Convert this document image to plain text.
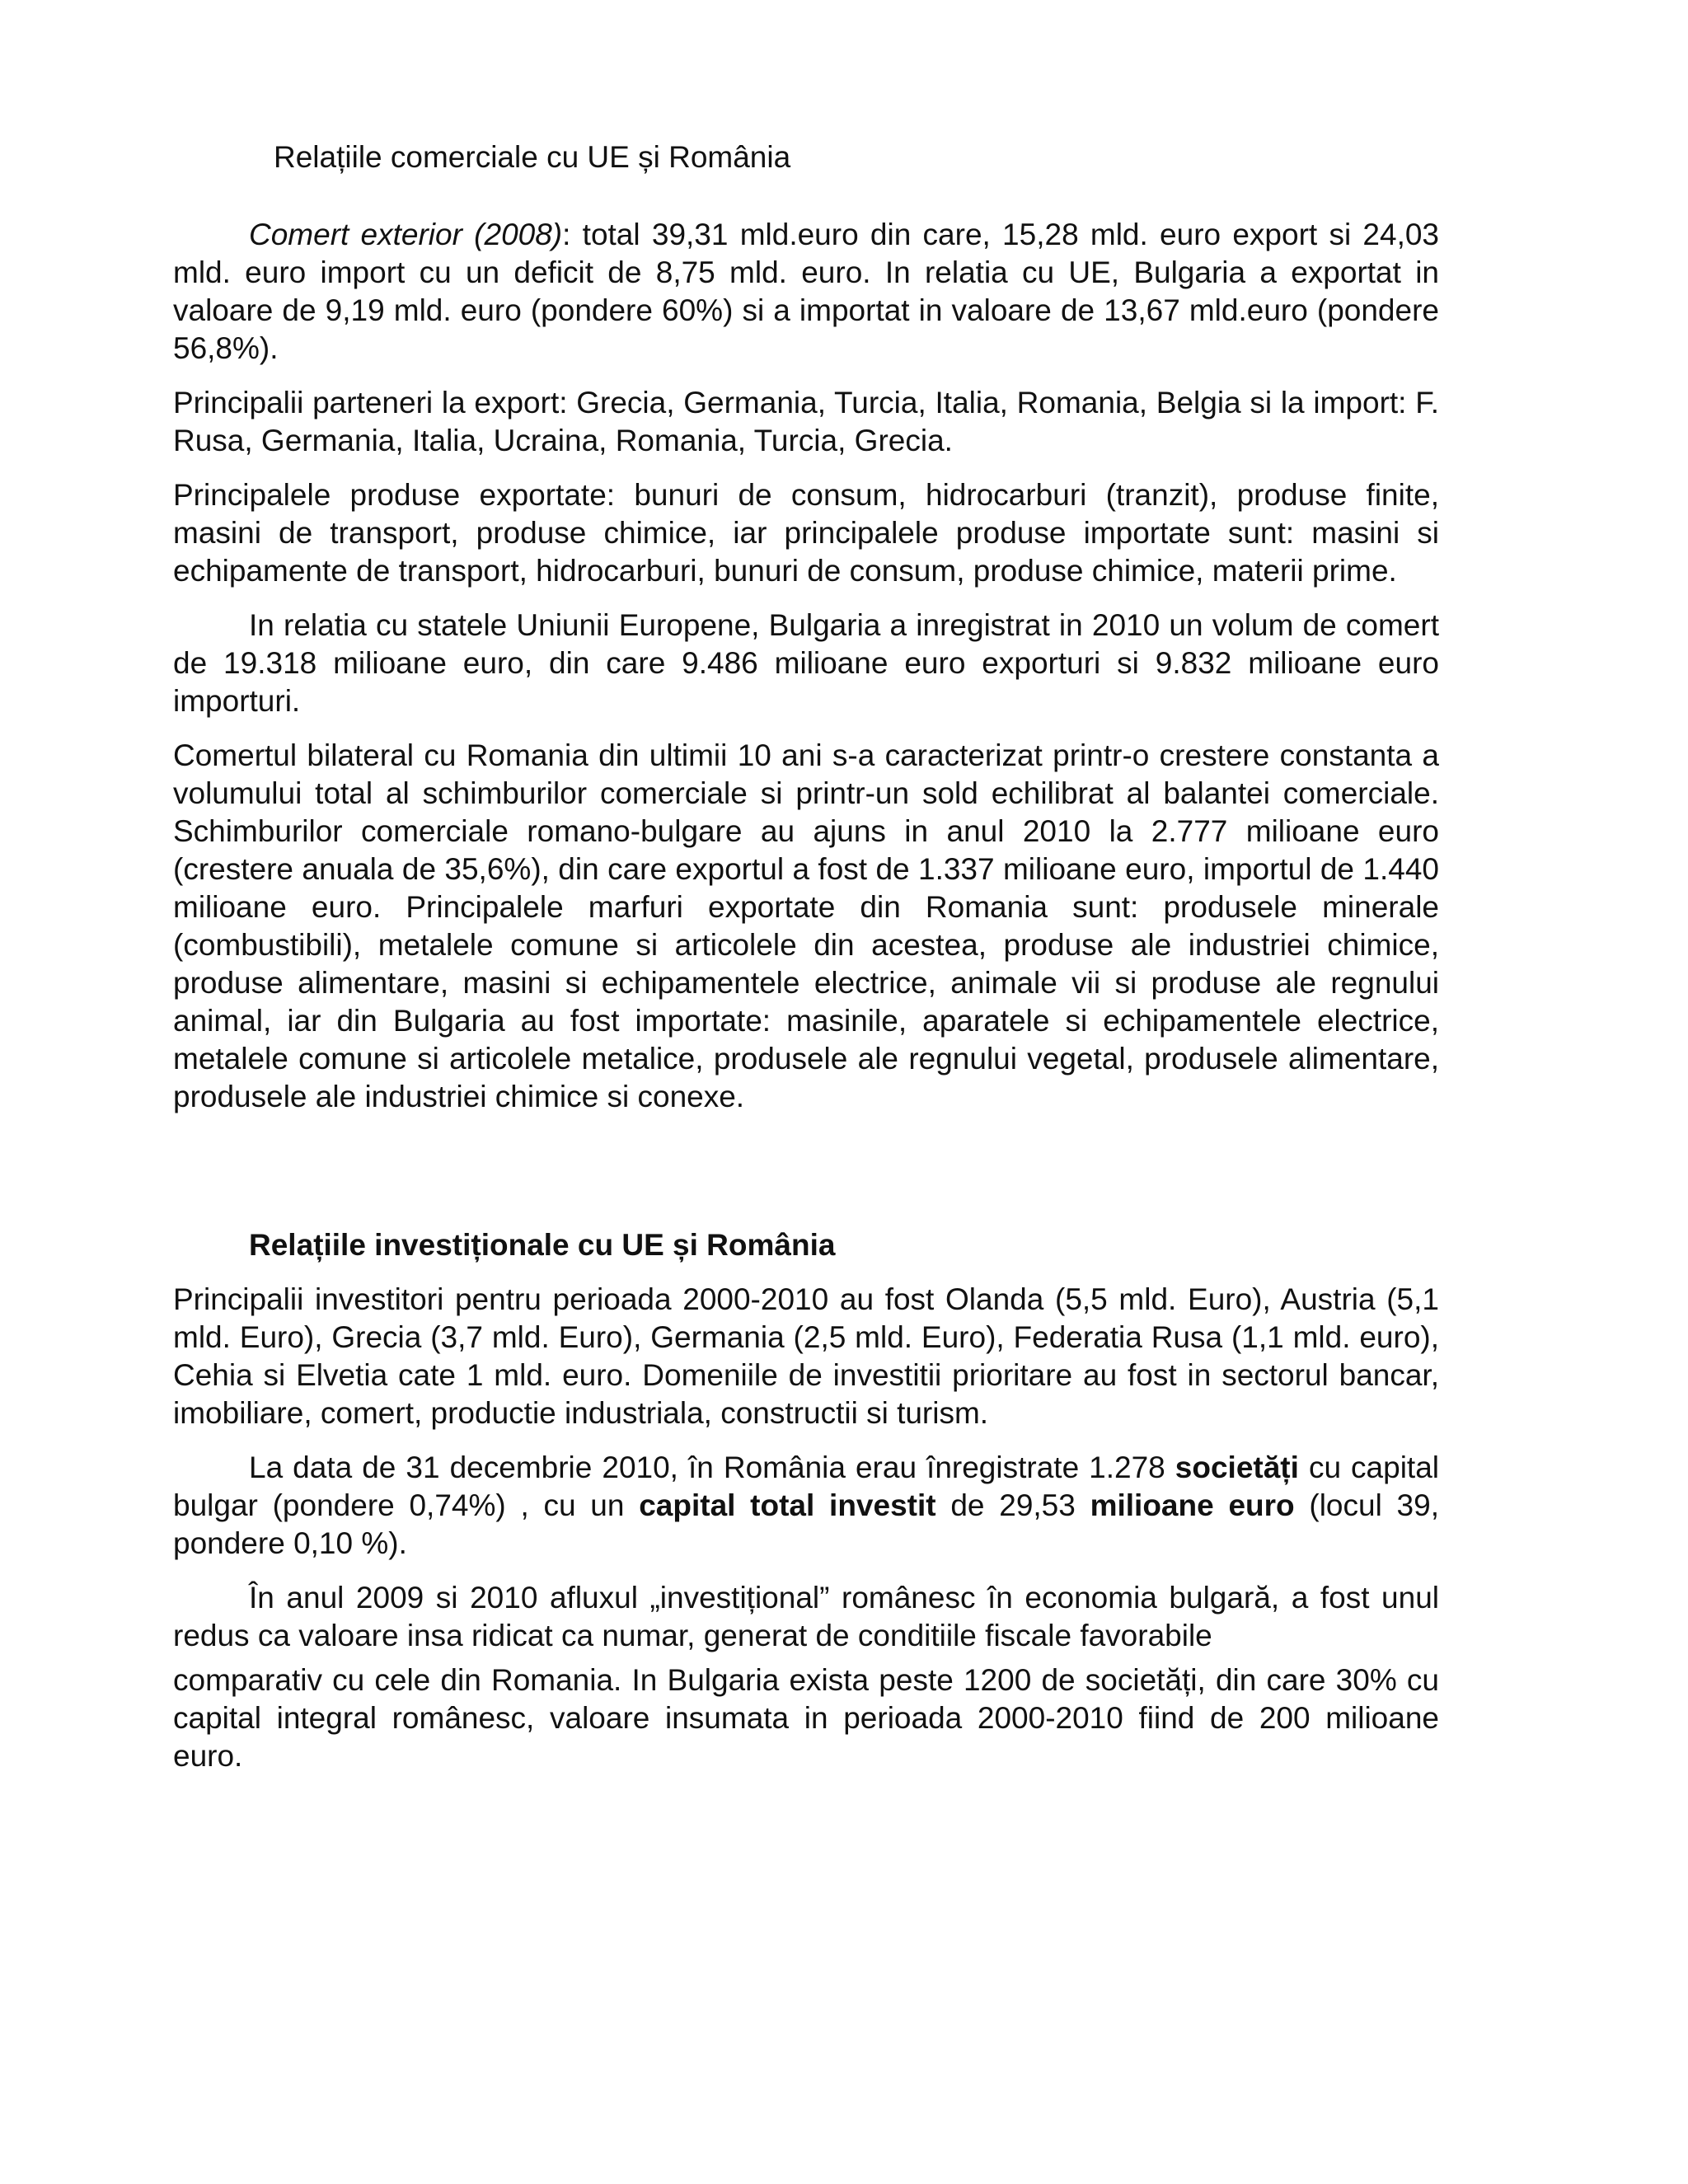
Relațiile comerciale cu UE și România

Comert exterior (2008): total 39,31 mld.euro din care, 15,28 mld. euro export si 24,03 mld. euro import cu un deficit de 8,75 mld. euro. In relatia cu UE, Bulgaria a exportat in valoare de 9,19 mld. euro (pondere 60%) si a importat in valoare de 13,67 mld.euro (pondere 56,8%).

Principalii parteneri la export: Grecia, Germania, Turcia, Italia, Romania, Belgia si la import: F. Rusa, Germania, Italia, Ucraina, Romania, Turcia, Grecia.

Principalele produse exportate: bunuri de consum, hidrocarburi (tranzit), produse finite, masini de transport, produse chimice, iar principalele produse importate sunt: masini si echipamente de transport, hidrocarburi, bunuri de consum, produse chimice, materii prime.

In relatia cu statele Uniunii Europene, Bulgaria a inregistrat in 2010 un volum de comert de 19.318 milioane euro, din care 9.486 milioane euro exporturi si 9.832 milioane euro importuri.

Comertul bilateral cu Romania din ultimii 10 ani s-a caracterizat printr-o crestere constanta a volumului total al schimburilor comerciale si printr-un sold echilibrat al balantei comerciale. Schimburilor comerciale romano-bulgare au ajuns in anul 2010 la 2.777 milioane euro (crestere anuala de 35,6%), din care exportul a fost de 1.337 milioane euro, importul de 1.440 milioane euro. Principalele marfuri exportate din Romania sunt: produsele minerale (combustibili), metalele comune si articolele din acestea, produse ale industriei chimice, produse alimentare, masini si echipamentele electrice, animale vii si produse ale regnului animal, iar din Bulgaria au fost importate: masinile, aparatele si echipamentele electrice, metalele comune si articolele metalice, produsele ale regnului vegetal, produsele alimentare, produsele ale industriei chimice si conexe.

Relațiile investiționale cu UE și România

Principalii investitori pentru perioada 2000-2010 au fost Olanda (5,5 mld. Euro), Austria (5,1 mld. Euro), Grecia (3,7 mld. Euro), Germania (2,5 mld. Euro), Federatia Rusa (1,1 mld. euro), Cehia si Elvetia cate 1 mld. euro. Domeniile de investitii prioritare au fost in sectorul bancar, imobiliare, comert, productie industriala, constructii si turism.

La data de 31 decembrie 2010, în România erau înregistrate 1.278 societăți cu capital bulgar (pondere 0,74%) , cu un capital total investit de 29,53 milioane euro (locul 39, pondere 0,10 %).

În anul 2009 si 2010 afluxul „investițional” românesc în economia bulgară, a fost unul redus ca valoare insa ridicat ca numar, generat de conditiile fiscale favorabile

comparativ cu cele din Romania. In Bulgaria exista peste 1200 de societăți, din care 30% cu capital integral românesc, valoare insumata in perioada 2000-2010 fiind de 200 milioane euro.
